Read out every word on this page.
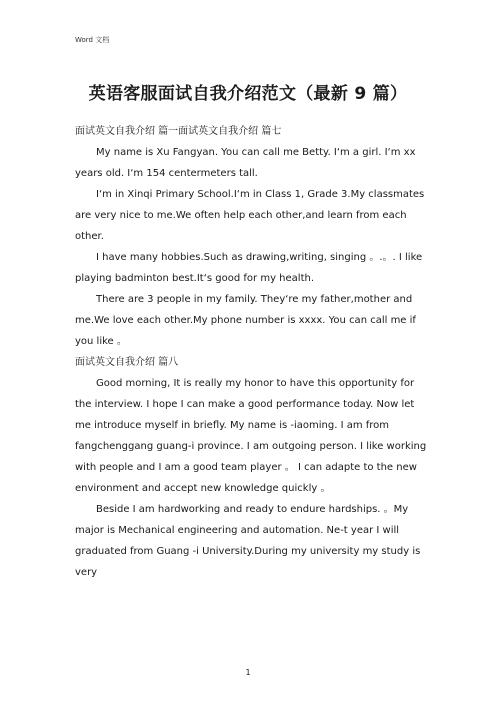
Word 文档
英语客服面试自我介绍范文（最新 9 篇）

面试英文自我介绍 篇一面试英文自我介绍 篇七

My name is Xu Fangyan. You can call me Betty. I‘m a girl. I‘m xx years old. I‘m 154 centermeters tall.

I‘m in Xinqi Primary School.I‘m in Class 1, Grade 3.My classmates are very nice to me.We often help each other,and learn from each other.

I have many hobbies.Such as drawing,writing, singing 。.。. I like playing badminton best.It‘s good for my health.

There are 3 people in my family. They‘re my father,mother and me.We love each other.My phone number is xxxx. You can call me if you like 。

面试英文自我介绍 篇八

Good morning, It is really my honor to have this opportunity for the interview. I hope I can make a good performance today. Now let me introduce myself in briefly. My name is -iaoming. I am from fangchenggang guang-i province. I am outgoing person. I like working with people and I am a good team player 。 I can adapte to the new environment and accept new knowledge quickly 。

Beside I am hardworking and ready to endure hardships. 。My major is Mechanical engineering and automation. Ne-t year I will graduated from Guang -i University.During my university my study is very

1
